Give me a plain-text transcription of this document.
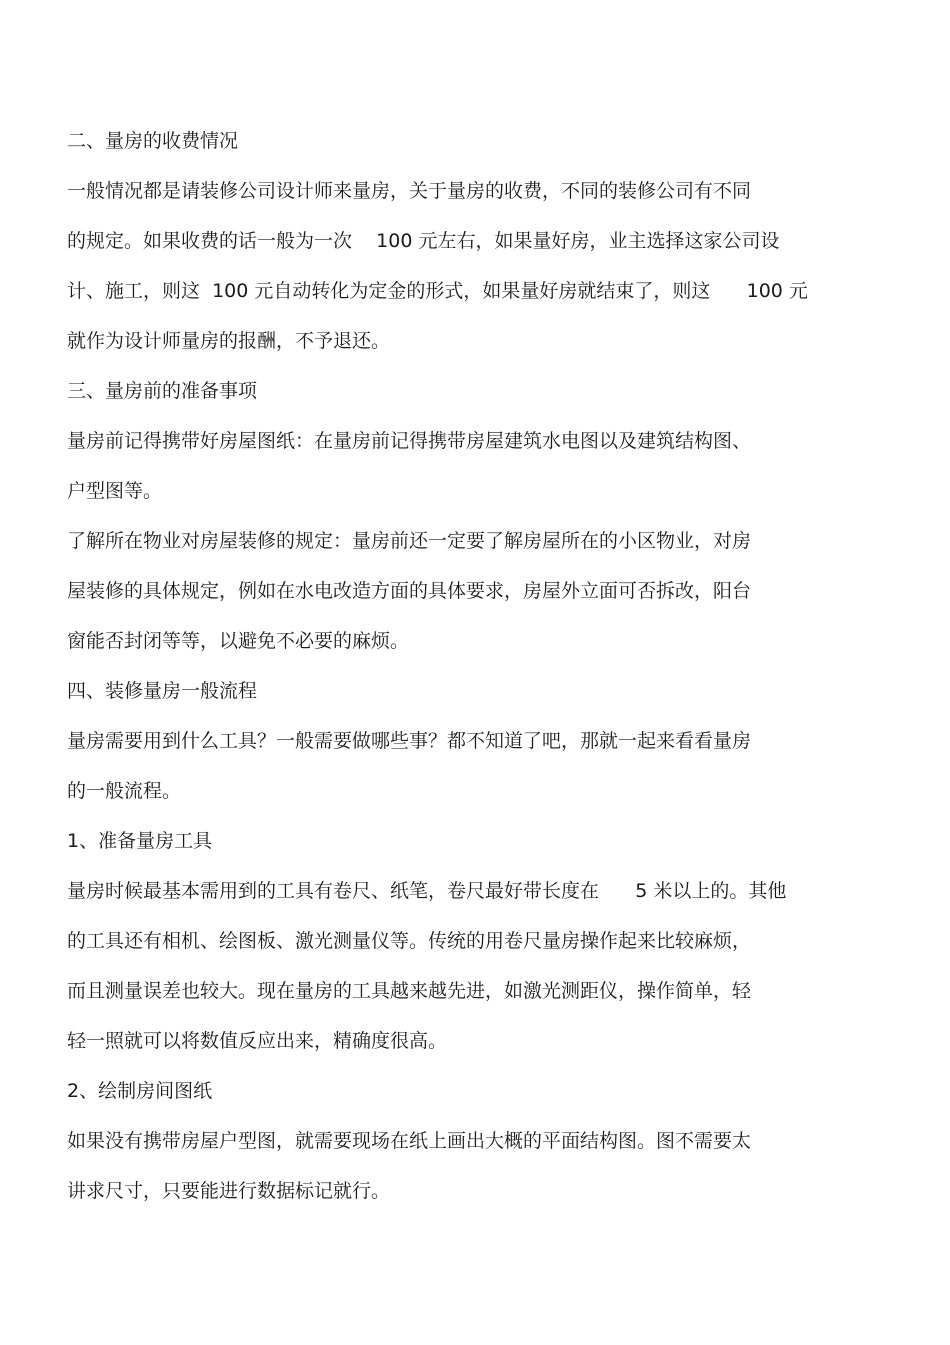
二、量房的收费情况
一般情况都是请装修公司设计师来量房，关于量房的收费，不同的装修公司有不同
的规定。如果收费的话一般为一次    100 元左右，如果量好房，业主选择这家公司设
计、施工，则这  100 元自动转化为定金的形式，如果量好房就结束了，则这      100 元
就作为设计师量房的报酬，不予退还。
三、量房前的准备事项
量房前记得携带好房屋图纸：在量房前记得携带房屋建筑水电图以及建筑结构图、
户型图等。
了解所在物业对房屋装修的规定：量房前还一定要了解房屋所在的小区物业，对房
屋装修的具体规定，例如在水电改造方面的具体要求，房屋外立面可否拆改，阳台
窗能否封闭等等，以避免不必要的麻烦。
四、装修量房一般流程
量房需要用到什么工具？一般需要做哪些事？都不知道了吧，那就一起来看看量房
的一般流程。
1、准备量房工具
量房时候最基本需用到的工具有卷尺、纸笔，卷尺最好带长度在      5 米以上的。其他
的工具还有相机、绘图板、激光测量仪等。传统的用卷尺量房操作起来比较麻烦，
而且测量误差也较大。现在量房的工具越来越先进，如激光测距仪，操作简单，轻
轻一照就可以将数值反应出来，精确度很高。
2、绘制房间图纸
如果没有携带房屋户型图，就需要现场在纸上画出大概的平面结构图。图不需要太
讲求尺寸，只要能进行数据标记就行。
